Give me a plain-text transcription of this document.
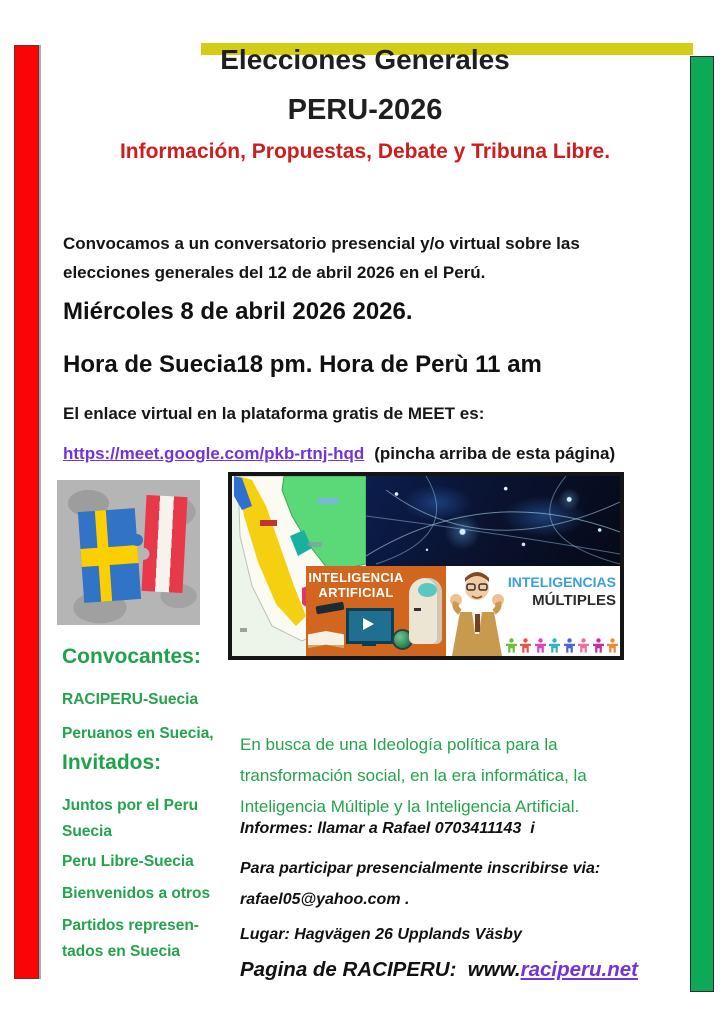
Elecciones Generales
PERU-2026
Información, Propuestas, Debate y Tribuna Libre.
Convocamos a un conversatorio presencial y/o virtual sobre las
elecciones generales del 12 de abril 2026 en el Perú.
Miércoles 8 de abril 2026 2026.
Hora de Suecia18 pm. Hora de Perù 11 am
El enlace virtual en la plataforma gratis de MEET es:
https://meet.google.com/pkb-rtnj-hqd (pincha arriba de esta página)
INTELIGENCIA
ARTIFICIAL
INTELIGENCIAS
MÚLTIPLES
Convocantes:
RACIPERU-Suecia
Peruanos en Suecia,
Invitados:
Juntos por el Peru Suecia
Peru Libre-Suecia
Bienvenidos a otros
Partidos represen-tados en Suecia
En busca de una Ideología política para la
transformación social, en la era informática, la
Inteligencia Múltiple y la Inteligencia Artificial.
Informes: llamar a Rafael 0703411143  i
Para participar presencialmente inscribirse via:
rafael05@yahoo.com .
Lugar: Hagvägen 26 Upplands Väsby
Pagina de RACIPERU:  www.raciperu.net
